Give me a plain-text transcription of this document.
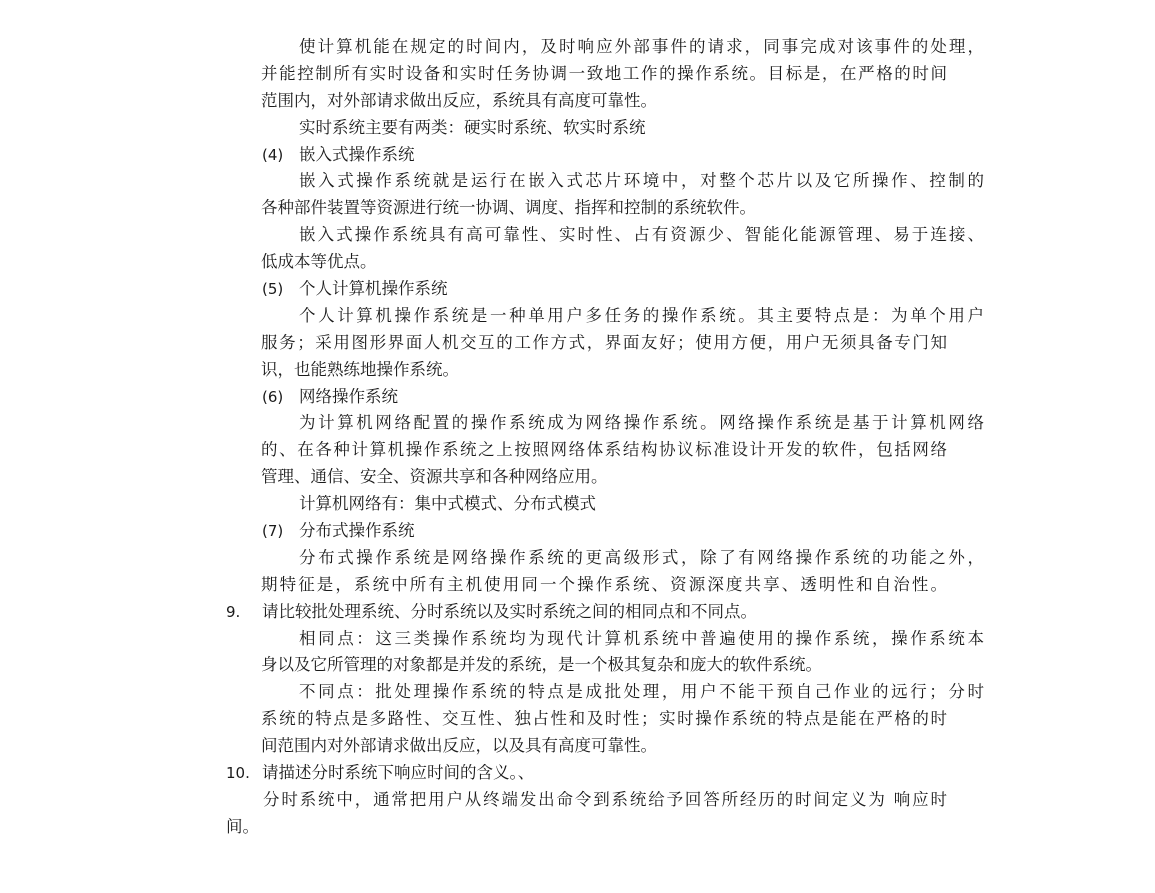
使计算机能在规定的时间内，及时响应外部事件的请求，同事完成对该事件的处理，
并能控制所有实时设备和实时任务协调一致地工作的操作系统。目标是，在严格的时间
范围内，对外部请求做出反应，系统具有高度可靠性。
实时系统主要有两类：硬实时系统、软实时系统
(4) 嵌入式操作系统
嵌入式操作系统就是运行在嵌入式芯片环境中，对整个芯片以及它所操作、控制的
各种部件装置等资源进行统一协调、调度、指挥和控制的系统软件。
嵌入式操作系统具有高可靠性、实时性、占有资源少、智能化能源管理、易于连接、
低成本等优点。
(5) 个人计算机操作系统
个人计算机操作系统是一种单用户多任务的操作系统。其主要特点是：为单个用户
服务；采用图形界面人机交互的工作方式，界面友好；使用方便，用户无须具备专门知
识，也能熟练地操作系统。
(6) 网络操作系统
为计算机网络配置的操作系统成为网络操作系统。网络操作系统是基于计算机网络
的、在各种计算机操作系统之上按照网络体系结构协议标准设计开发的软件，包括网络
管理、通信、安全、资源共享和各种网络应用。
计算机网络有：集中式模式、分布式模式
(7) 分布式操作系统
分布式操作系统是网络操作系统的更高级形式，除了有网络操作系统的功能之外，
期特征是，系统中所有主机使用同一个操作系统、资源深度共享、透明性和自治性。
9. 请比较批处理系统、分时系统以及实时系统之间的相同点和不同点。
相同点：这三类操作系统均为现代计算机系统中普遍使用的操作系统，操作系统本
身以及它所管理的对象都是并发的系统，是一个极其复杂和庞大的软件系统。
不同点：批处理操作系统的特点是成批处理，用户不能干预自己作业的远行；分时
系统的特点是多路性、交互性、独占性和及时性；实时操作系统的特点是能在严格的时
间范围内对外部请求做出反应，以及具有高度可靠性。
10. 请描述分时系统下响应时间的含义。、
分时系统中，通常把用户从终端发出命令到系统给予回答所经历的时间定义为 响应时
间。
